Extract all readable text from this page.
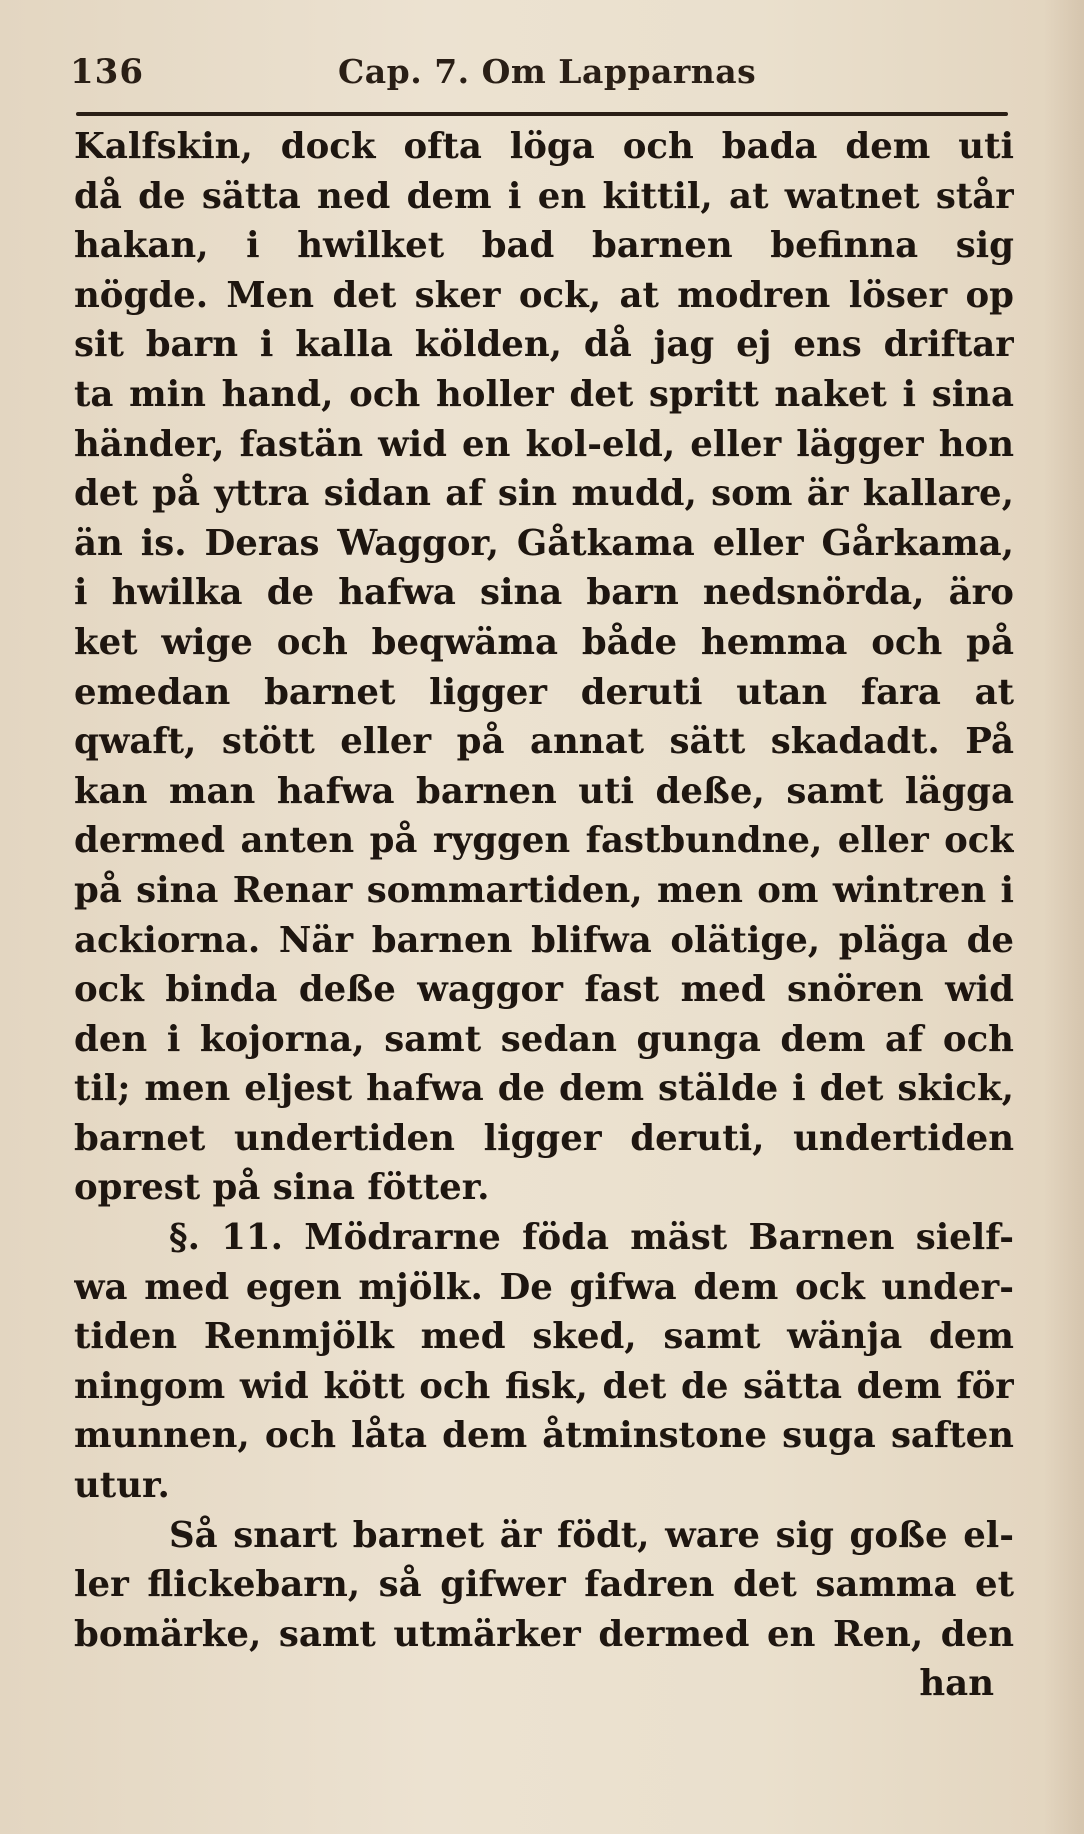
136	Cap. 7. Om Lapparnas
Kalfskin, dock ofta löga och bada dem uti
då de sätta ned dem i en kittil, at watnet står
hakan, i hwilket bad barnen befinna sig
nögde. Men det sker ock, at modren löser op
sit barn i kalla kölden, då jag ej ens driftar
ta min hand, och holler det spritt naket i sina
händer, fastän wid en kol-eld, eller lägger hon
det på yttra sidan af sin mudd, som är kallare,
än is. Deras Waggor, Gåtkama eller Gårkama,
i hwilka de hafwa sina barn nedsnörda, äro
ket wige och beqwäma både hemma och på
emedan barnet ligger deruti utan fara at
qwaft, stött eller på annat sätt skadadt. På
kan man hafwa barnen uti deße, samt lägga
dermed anten på ryggen fastbundne, eller ock
på sina Renar sommartiden, men om wintren i
ackiorna. När barnen blifwa olätige, pläga de
ock binda deße waggor fast med snören wid
den i kojorna, samt sedan gunga dem af och
til; men eljest hafwa de dem stälde i det skick,
barnet undertiden ligger deruti, undertiden
oprest på sina fötter.
§. 11. Mödrarne föda mäst Barnen sielf-
wa med egen mjölk. De gifwa dem ock under-
tiden Renmjölk med sked, samt wänja dem
ningom wid kött och fisk, det de sätta dem för
munnen, och låta dem åtminstone suga saften
utur.
Så snart barnet är födt, ware sig goße el-
ler flickebarn, så gifwer fadren det samma et
bomärke, samt utmärker dermed en Ren, den
han
